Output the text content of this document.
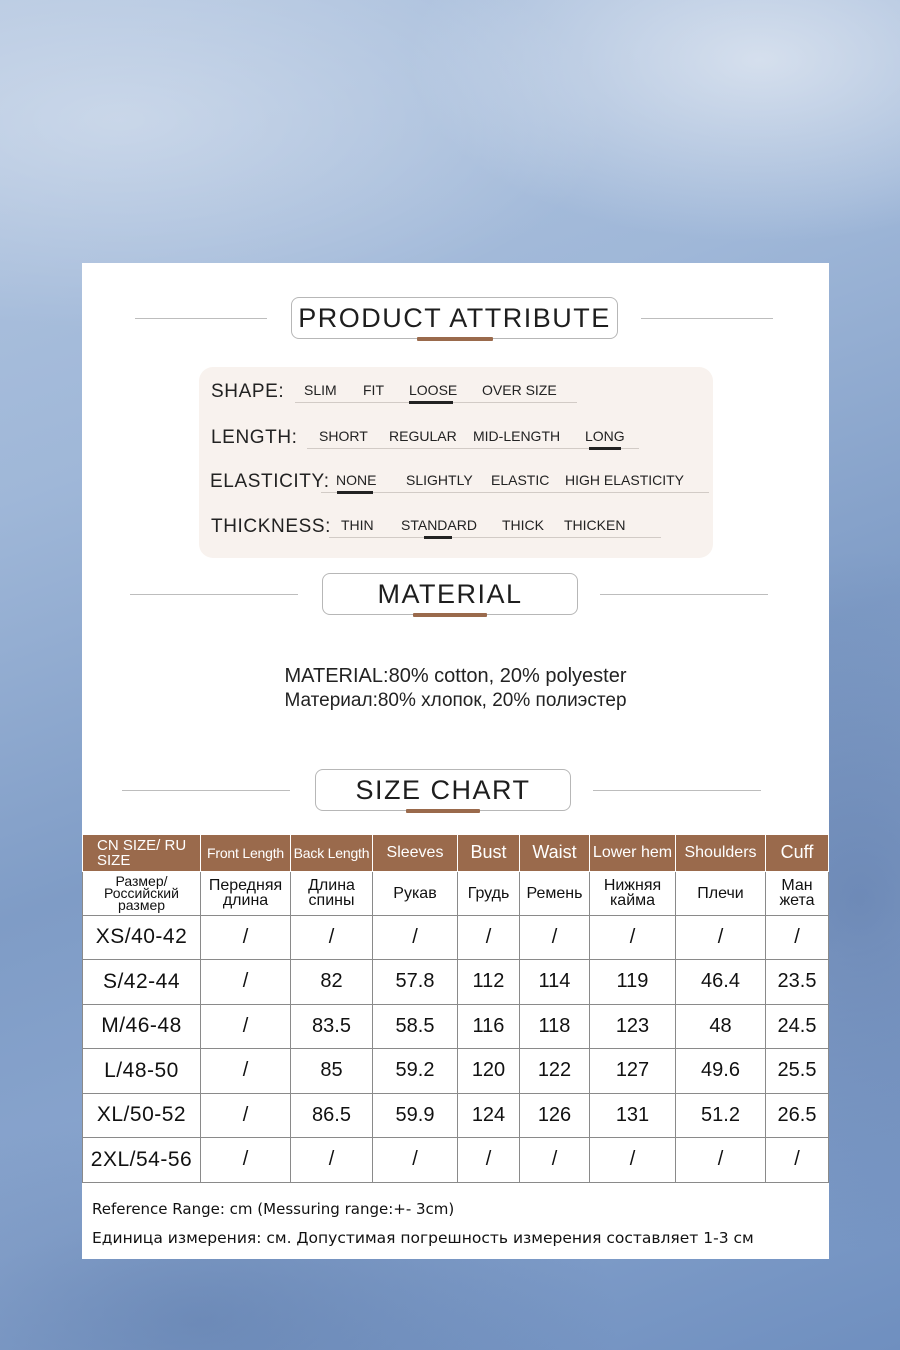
PRODUCT ATTRIBUTE
SHAPE: SLIM FIT LOOSE OVER SIZE
LENGTH: SHORT REGULAR MID-LENGTH LONG
ELASTICITY: NONE SLIGHTLY ELASTIC HIGH ELASTICITY
THICKNESS: THIN STANDARD THICK THICKEN
MATERIAL
MATERIAL:80% cotton, 20% polyester
Материал:80% хлопок, 20% полиэстер
SIZE CHART
CN SIZE/ RU SIZE	Front Length	Back Length	Sleeves	Bust	Waist	Lower hem	Shoulders	Cuff
Размер/ Российский размер	Передняя длина	Длина спины	Рукав	Грудь	Ремень	Нижняя кайма	Плечи	Ман жета
XS/40-42	/	/	/	/	/	/	/	/
S/42-44	/	82	57.8	112	114	119	46.4	23.5
M/46-48	/	83.5	58.5	116	118	123	48	24.5
L/48-50	/	85	59.2	120	122	127	49.6	25.5
XL/50-52	/	86.5	59.9	124	126	131	51.2	26.5
2XL/54-56	/	/	/	/	/	/	/	/
Reference Range: cm (Messuring range:+- 3cm)
Единица измерения: см. Допустимая погрешность измерения составляет 1-3 см
